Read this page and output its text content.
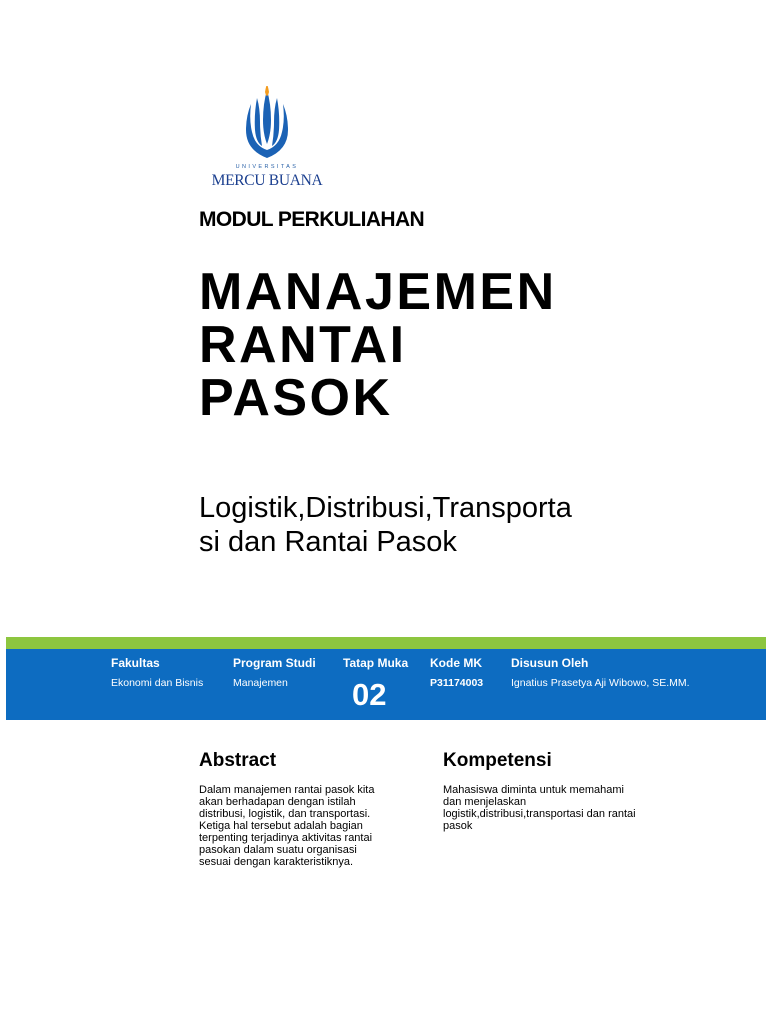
UNIVERSITAS
MERCU BUANA
MODUL PERKULIAHAN
MANAJEMEN
RANTAI
PASOK
Logistik,Distribusi,Transporta
si dan Rantai Pasok
Fakultas
Ekonomi dan Bisnis
Program Studi
Manajemen
Tatap Muka
02
Kode MK
P31174003
Disusun Oleh
Ignatius Prasetya Aji Wibowo, SE.MM.
Abstract
Dalam manajemen rantai pasok kita
akan berhadapan dengan istilah
distribusi, logistik, dan transportasi.
Ketiga hal tersebut adalah bagian
terpenting terjadinya aktivitas rantai
pasokan dalam suatu organisasi
sesuai dengan karakteristiknya.
Kompetensi
Mahasiswa diminta untuk memahami
dan menjelaskan
logistik,distribusi,transportasi dan rantai
pasok
